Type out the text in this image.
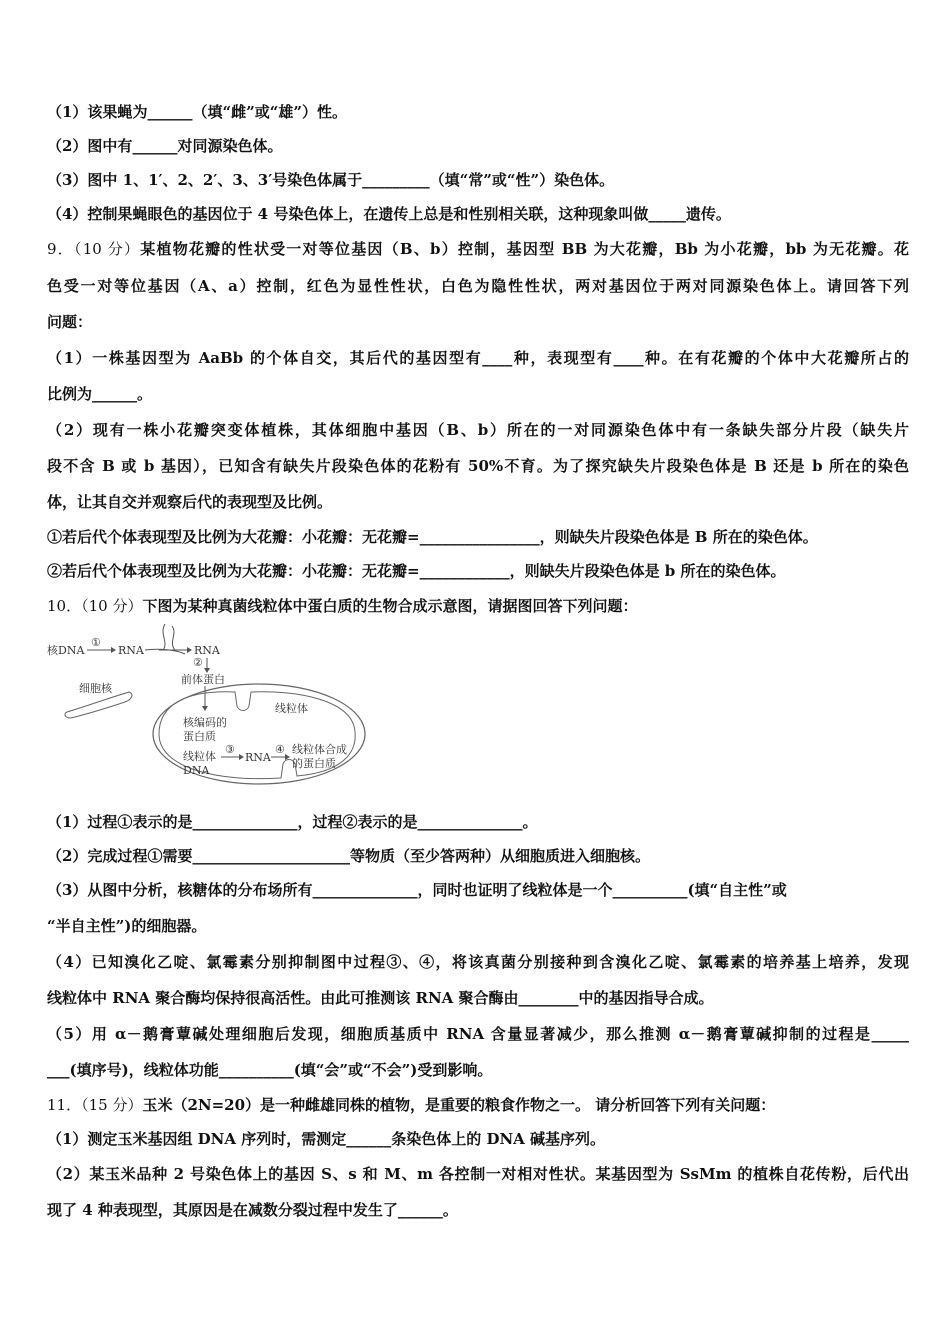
（1）该果蝇为______（填“雌”或“雄”）性。
（2）图中有______对同源染色体。
（3）图中 1、1′、2、2′、3、3′号染色体属于_________（填“常”或“性”）染色体。
（4）控制果蝇眼色的基因位于 4 号染色体上，在遗传上总是和性别相关联，这种现象叫做_____遗传。
9．（10 分）某植物花瓣的性状受一对等位基因（B、b）控制，基因型 BB 为大花瓣，Bb 为小花瓣，bb 为无花瓣。花
色受一对等位基因（A、a）控制，红色为显性性状，白色为隐性性状，两对基因位于两对同源染色体上。请回答下列
问题：
（1）一株基因型为 AaBb 的个体自交，其后代的基因型有____种，表现型有____种。在有花瓣的个体中大花瓣所占的
比例为______。
（2）现有一株小花瓣突变体植株，其体细胞中基因（B、b）所在的一对同源染色体中有一条缺失部分片段（缺失片
段不含 B 或 b 基因），已知含有缺失片段染色体的花粉有 50%不育。为了探究缺失片段染色体是 B 还是 b 所在的染色
体，让其自交并观察后代的表现型及比例。
①若后代个体表现型及比例为大花瓣：小花瓣：无花瓣=________________，则缺失片段染色体是 B 所在的染色体。
②若后代个体表现型及比例为大花瓣：小花瓣：无花瓣=____________，则缺失片段染色体是 b 所在的染色体。
10．（10 分）下图为某种真菌线粒体中蛋白质的生物合成示意图，请据图回答下列问题：
核DNA
①
RNA	RNA
②
前体蛋白
细胞核
线粒体
核编码的
蛋白质
线粒体
DNA
③
RNA
④ 线粒体合成
的蛋白质
（1）过程①表示的是______________，过程②表示的是______________。
（2）完成过程①需要_____________________等物质（至少答两种）从细胞质进入细胞核。
（3）从图中分析，核糖体的分布场所有______________，同时也证明了线粒体是一个__________(填“自主性”或
“半自主性”)的细胞器。
（4）已知溴化乙啶、氯霉素分别抑制图中过程③、④，将该真菌分别接种到含溴化乙啶、氯霉素的培养基上培养，发现
线粒体中 RNA 聚合酶均保持很高活性。由此可推测该 RNA 聚合酶由________中的基因指导合成。
（5）用 α－鹅膏蕈碱处理细胞后发现，细胞质基质中 RNA 含量显著减少，那么推测 α－鹅膏蕈碱抑制的过程是_____
___(填序号)，线粒体功能__________(填“会”或“不会”)受到影响。
11．（15 分）玉米（2N=20）是一种雌雄同株的植物，是重要的粮食作物之一。 请分析回答下列有关问题：
（1）测定玉米基因组 DNA 序列时，需测定______条染色体上的 DNA 碱基序列。
（2）某玉米品种 2 号染色体上的基因 S、s 和 M、m 各控制一对相对性状。某基因型为 SsMm 的植株自花传粉，后代出
现了 4 种表现型，其原因是在减数分裂过程中发生了______。
